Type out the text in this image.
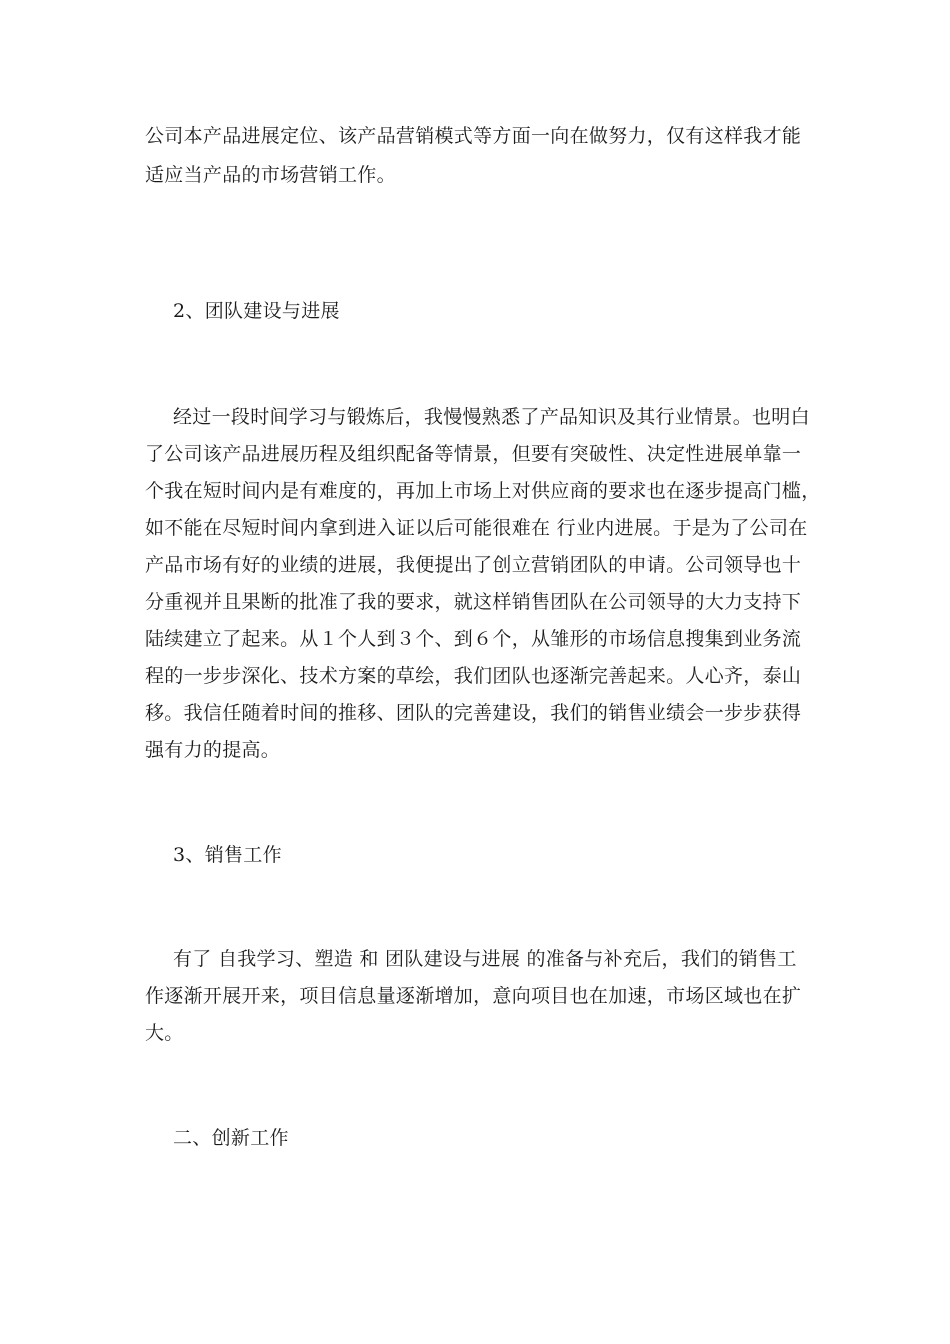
公司本产品进展定位、该产品营销模式等方面一向在做努力，仅有这样我才能
适应当产品的市场营销工作。
2、团队建设与进展
经过一段时间学习与锻炼后，我慢慢熟悉了产品知识及其行业情景。也明白
了公司该产品进展历程及组织配备等情景，但要有突破性、决定性进展单靠一
个我在短时间内是有难度的，再加上市场上对供应商的要求也在逐步提高门槛，
如不能在尽短时间内拿到进入证以后可能很难在 行业内进展。于是为了公司在
产品市场有好的业绩的进展，我便提出了创立营销团队的申请。公司领导也十
分重视并且果断的批准了我的要求，就这样销售团队在公司领导的大力支持下
陆续建立了起来。从１个人到３个、到６个，从雏形的市场信息搜集到业务流
程的一步步深化、技术方案的草绘，我们团队也逐渐完善起来。人心齐，泰山
移。我信任随着时间的推移、团队的完善建设，我们的销售业绩会一步步获得
强有力的提高。
3、销售工作
有了 自我学习、塑造 和 团队建设与进展 的准备与补充后，我们的销售工
作逐渐开展开来，项目信息量逐渐增加，意向项目也在加速，市场区域也在扩
大。
二、创新工作
